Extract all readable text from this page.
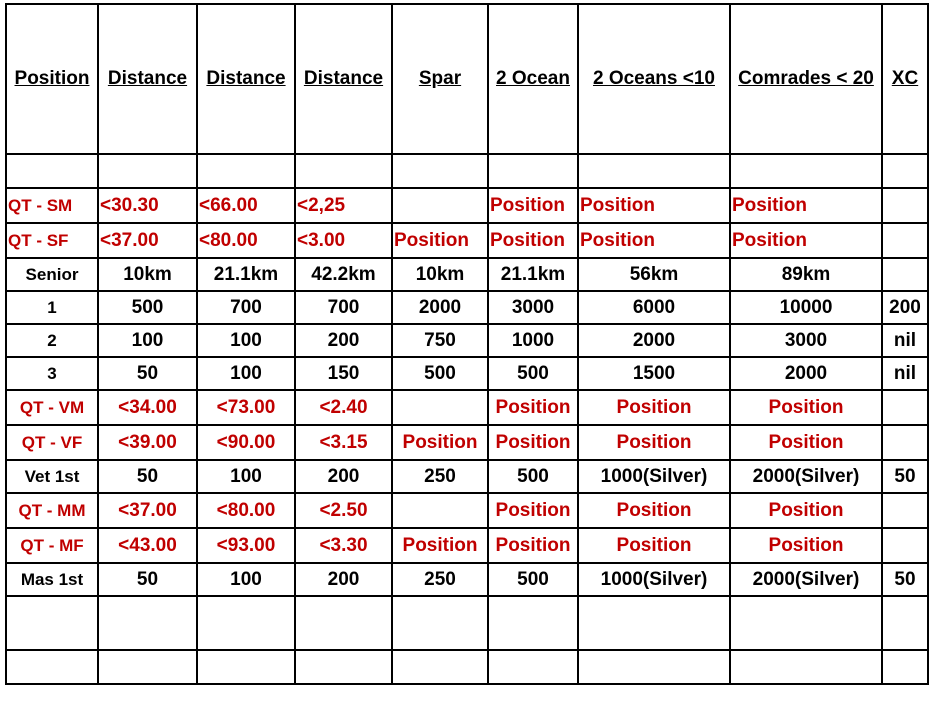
Position	Distance	Distance	Distance	Spar	2 Ocean	2 Oceans <10	Comrades < 20	XC

QT - SM	<30.30	<66.00	<2,25		Position	Position	Position	
QT - SF	<37.00	<80.00	<3.00	Position	Position	Position	Position	
Senior	10km	21.1km	42.2km	10km	21.1km	56km	89km	
1	500	700	700	2000	3000	6000	10000	200
2	100	100	200	750	1000	2000	3000	nil
3	50	100	150	500	500	1500	2000	nil
QT - VM	<34.00	<73.00	<2.40		Position	Position	Position	
QT - VF	<39.00	<90.00	<3.15	Position	Position	Position	Position	
Vet 1st	50	100	200	250	500	1000(Silver)	2000(Silver)	50
QT - MM	<37.00	<80.00	<2.50		Position	Position	Position	
QT - MF	<43.00	<93.00	<3.30	Position	Position	Position	Position	
Mas 1st	50	100	200	250	500	1000(Silver)	2000(Silver)	50
